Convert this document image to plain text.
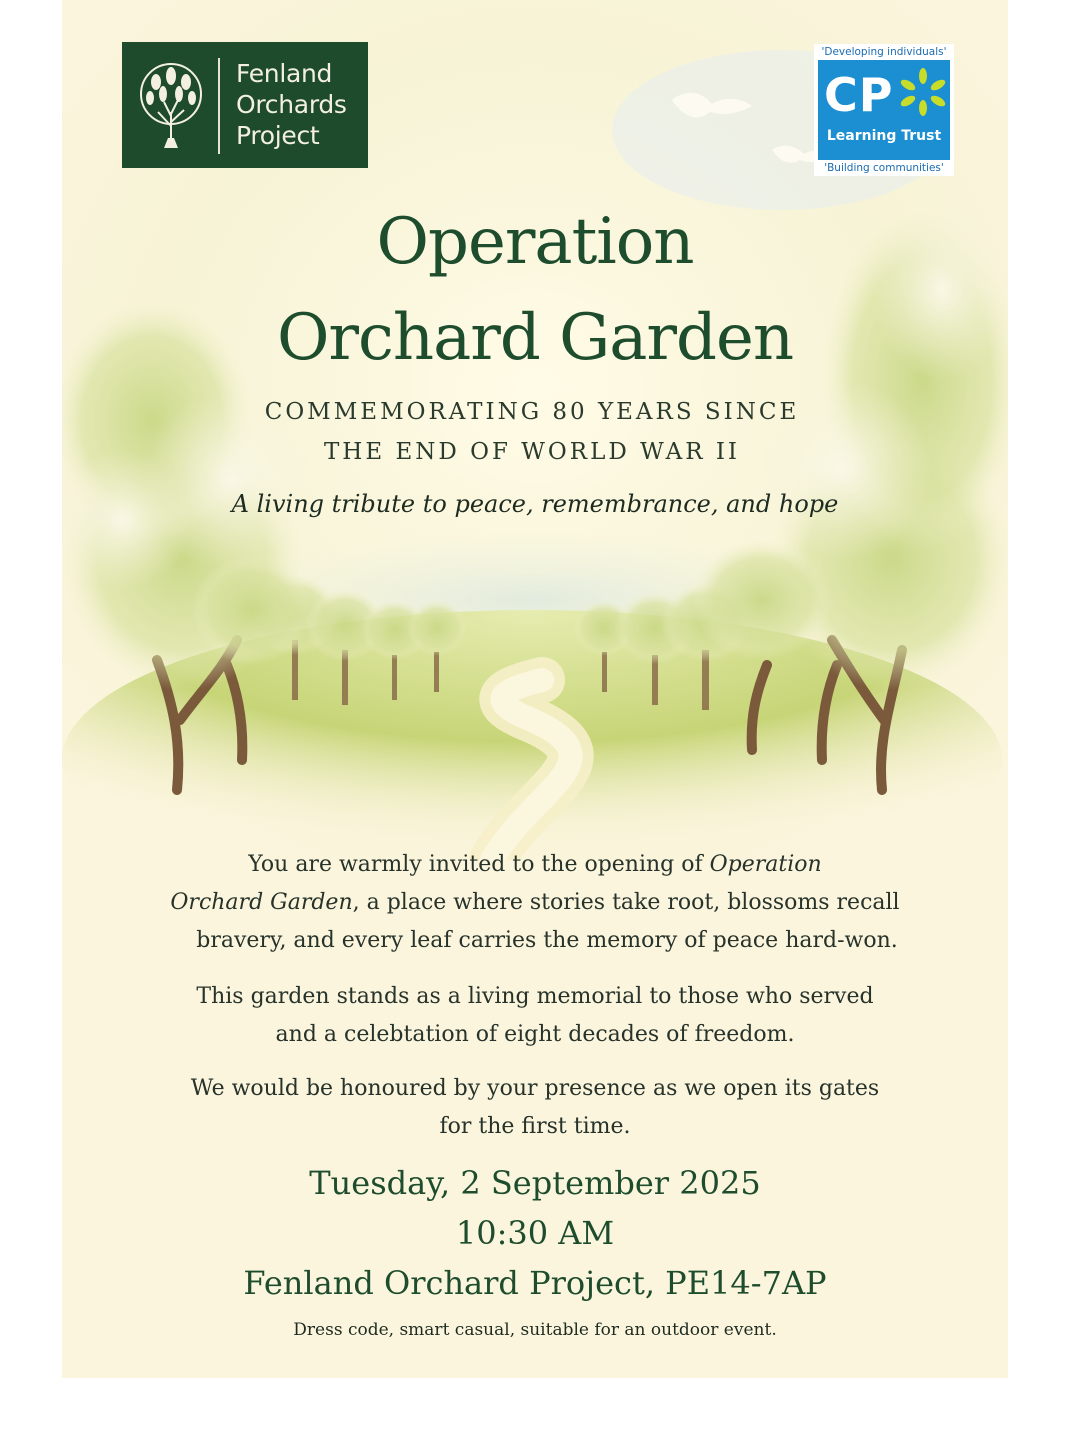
Fenland
Orchards
Project
'Developing individuals'
CP
Learning Trust
'Building communities'
Operation
Orchard Garden
COMMEMORATING 80 YEARS SINCE
THE END OF WORLD WAR II
A living tribute to peace, remembrance, and hope
You are warmly invited to the opening of Operation
Orchard Garden, a place where stories take root, blossoms recall
bravery, and every leaf carries the memory of peace hard-won.
This garden stands as a living memorial to those who served
and a celebtation of eight decades of freedom.
We would be honoured by your presence as we open its gates
for the first time.
Tuesday, 2 September 2025
10:30 AM
Fenland Orchard Project, PE14-7AP
Dress code, smart casual, suitable for an outdoor event.
